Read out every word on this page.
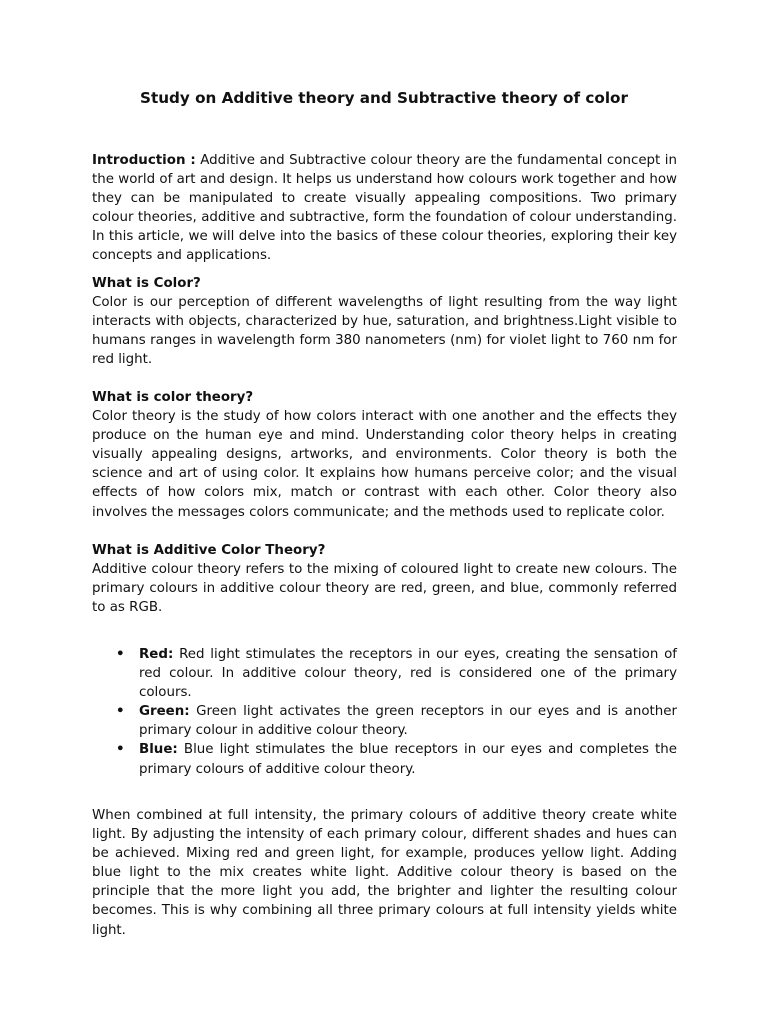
Study on Additive theory and Subtractive theory of color

Introduction : Additive and Subtractive colour theory are the fundamental concept in the world of art and design. It helps us understand how colours work together and how they can be manipulated to create visually appealing compositions. Two primary colour theories, additive and subtractive, form the foundation of colour understanding. In this article, we will delve into the basics of these colour theories, exploring their key concepts and applications.

What is Color?

Color is our perception of different wavelengths of light resulting from the way light interacts with objects, characterized by hue, saturation, and brightness.Light visible to humans ranges in wavelength form 380 nanometers (nm) for violet light to 760 nm for red light.

What is color theory?

Color theory is the study of how colors interact with one another and the effects they produce on the human eye and mind. Understanding color theory helps in creating visually appealing designs, artworks, and environments. Color theory is both the science and art of using color. It explains how humans perceive color; and the visual effects of how colors mix, match or contrast with each other. Color theory also involves the messages colors communicate; and the methods used to replicate color.

What is Additive Color Theory?

Additive colour theory refers to the mixing of coloured light to create new colours. The primary colours in additive colour theory are red, green, and blue, commonly referred to as RGB.

• Red: Red light stimulates the receptors in our eyes, creating the sensation of red colour. In additive colour theory, red is considered one of the primary colours.
• Green: Green light activates the green receptors in our eyes and is another primary colour in additive colour theory.
• Blue: Blue light stimulates the blue receptors in our eyes and completes the primary colours of additive colour theory.

When combined at full intensity, the primary colours of additive theory create white light. By adjusting the intensity of each primary colour, different shades and hues can be achieved. Mixing red and green light, for example, produces yellow light. Adding blue light to the mix creates white light. Additive colour theory is based on the principle that the more light you add, the brighter and lighter the resulting colour becomes. This is why combining all three primary colours at full intensity yields white light.
